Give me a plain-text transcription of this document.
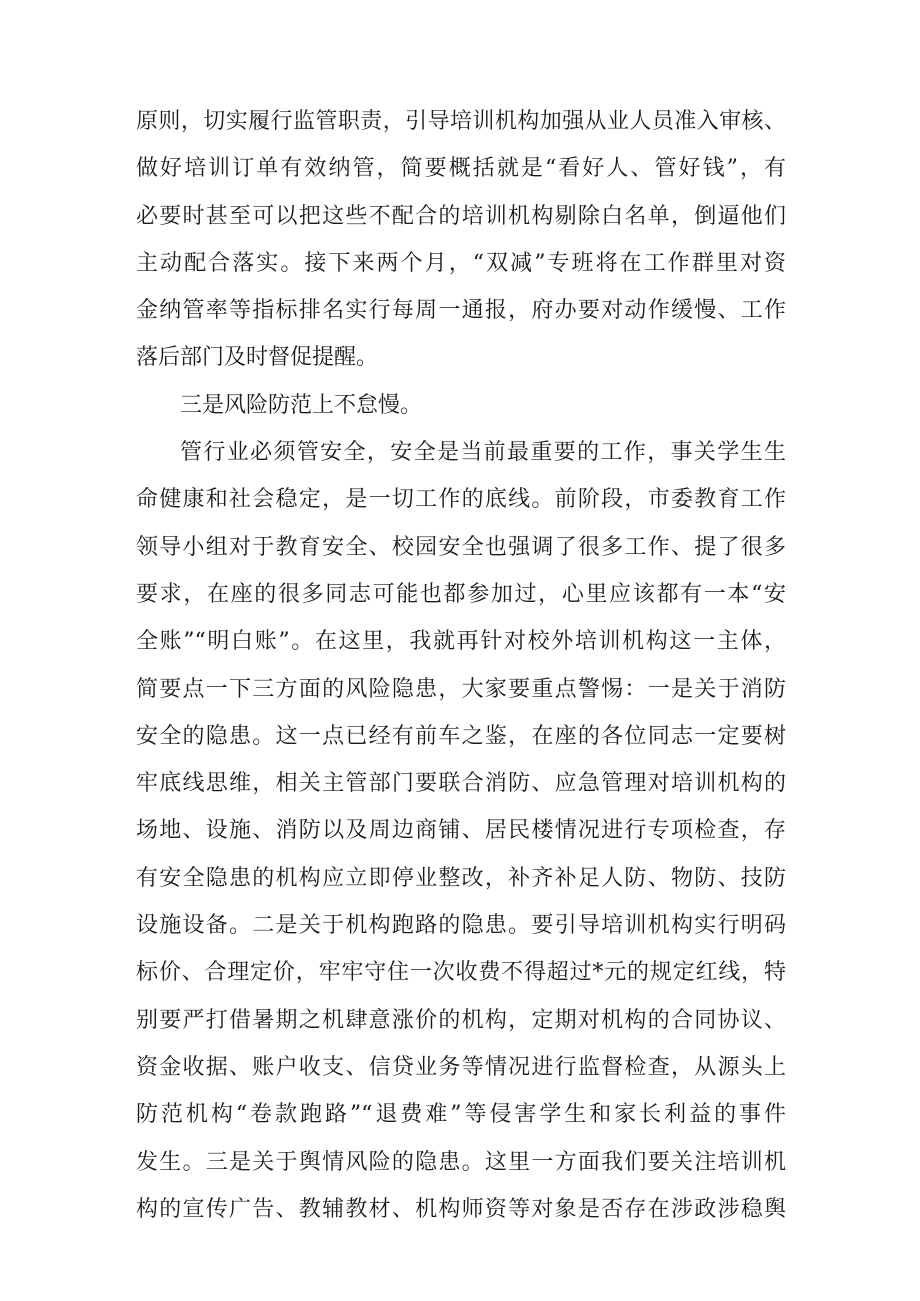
原则，切实履行监管职责，引导培训机构加强从业人员准入审核、
做好培训订单有效纳管，简要概括就是“看好人、管好钱”，有
必要时甚至可以把这些不配合的培训机构剔除白名单，倒逼他们
主动配合落实。接下来两个月，“双减”专班将在工作群里对资
金纳管率等指标排名实行每周一通报，府办要对动作缓慢、工作
落后部门及时督促提醒。
三是风险防范上不怠慢。
管行业必须管安全，安全是当前最重要的工作，事关学生生
命健康和社会稳定，是一切工作的底线。前阶段，市委教育工作
领导小组对于教育安全、校园安全也强调了很多工作、提了很多
要求，在座的很多同志可能也都参加过，心里应该都有一本“安
全账”“明白账”。在这里，我就再针对校外培训机构这一主体，
简要点一下三方面的风险隐患，大家要重点警惕：一是关于消防
安全的隐患。这一点已经有前车之鉴，在座的各位同志一定要树
牢底线思维，相关主管部门要联合消防、应急管理对培训机构的
场地、设施、消防以及周边商铺、居民楼情况进行专项检查，存
有安全隐患的机构应立即停业整改，补齐补足人防、物防、技防
设施设备。二是关于机构跑路的隐患。要引导培训机构实行明码
标价、合理定价，牢牢守住一次收费不得超过*元的规定红线，特
别要严打借暑期之机肆意涨价的机构，定期对机构的合同协议、
资金收据、账户收支、信贷业务等情况进行监督检查，从源头上
防范机构“卷款跑路”“退费难”等侵害学生和家长利益的事件
发生。三是关于舆情风险的隐患。这里一方面我们要关注培训机
构的宣传广告、教辅教材、机构师资等对象是否存在涉政涉稳舆
